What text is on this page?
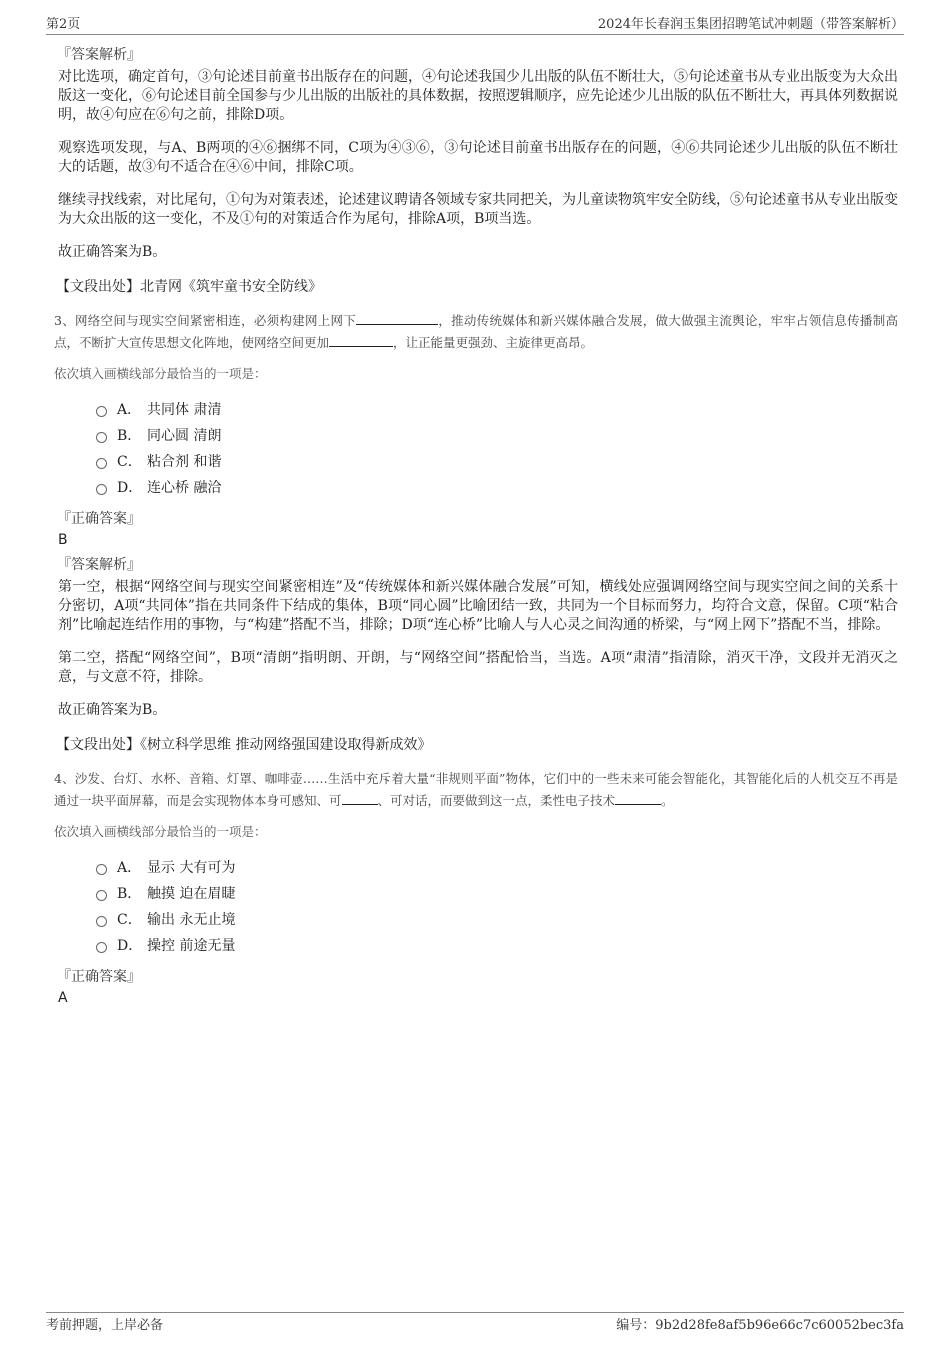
第2页	2024年长春润玉集团招聘笔试冲刺题（带答案解析）
『答案解析』

对比选项，确定首句，③句论述目前童书出版存在的问题，④句论述我国少儿出版的队伍不断壮大，⑤句论述童书从专业出版变为大众出版这一变化，⑥句论述目前全国参与少儿出版的出版社的具体数据，按照逻辑顺序，应先论述少儿出版的队伍不断壮大，再具体列数据说明，故④句应在⑥句之前，排除D项。

观察选项发现，与A、B两项的④⑥捆绑不同，C项为④③⑥，③句论述目前童书出版存在的问题，④⑥共同论述少儿出版的队伍不断壮大的话题，故③句不适合在④⑥中间，排除C项。

继续寻找线索，对比尾句，①句为对策表述，论述建议聘请各领域专家共同把关，为儿童读物筑牢安全防线，⑤句论述童书从专业出版变为大众出版的这一变化，不及①句的对策适合作为尾句，排除A项，B项当选。

故正确答案为B。

【文段出处】北青网《筑牢童书安全防线》
3、网络空间与现实空间紧密相连，必须构建网上网下	，推动传统媒体和新兴媒体融合发展，做大做强主流舆论，牢牢占领信息传播制高点，不断扩大宣传思想文化阵地，使网络空间更加	，让正能量更强劲、主旋律更高昂。
依次填入画横线部分最恰当的一项是：
A． 共同体 肃清
B． 同心圆 清朗
C． 粘合剂 和谐
D． 连心桥 融洽
『正确答案』
B
『答案解析』

第一空，根据“网络空间与现实空间紧密相连”及“传统媒体和新兴媒体融合发展”可知，横线处应强调网络空间与现实空间之间的关系十分密切，A项“共同体”指在共同条件下结成的集体，B项“同心圆”比喻团结一致，共同为一个目标而努力，均符合文意，保留。C项“粘合剂”比喻起连结作用的事物，与“构建”搭配不当，排除；D项“连心桥”比喻人与人心灵之间沟通的桥梁，与“网上网下”搭配不当，排除。

第二空，搭配“网络空间”，B项“清朗”指明朗、开朗，与“网络空间”搭配恰当，当选。A项“肃清”指清除，消灭干净，文段并无消灭之意，与文意不符，排除。

故正确答案为B。

【文段出处】《树立科学思维 推动网络强国建设取得新成效》
4、沙发、台灯、水杯、音箱、灯罩、咖啡壶……生活中充斥着大量“非规则平面”物体，它们中的一些未来可能会智能化，其智能化后的人机交互不再是通过一块平面屏幕，而是会实现物体本身可感知、可	、可对话，而要做到这一点，柔性电子技术	。
依次填入画横线部分最恰当的一项是：
A． 显示 大有可为
B． 触摸 迫在眉睫
C． 输出 永无止境
D． 操控 前途无量
『正确答案』
A
考前押题，上岸必备	编号：9b2d28fe8af5b96e66c7c60052bec3fa
